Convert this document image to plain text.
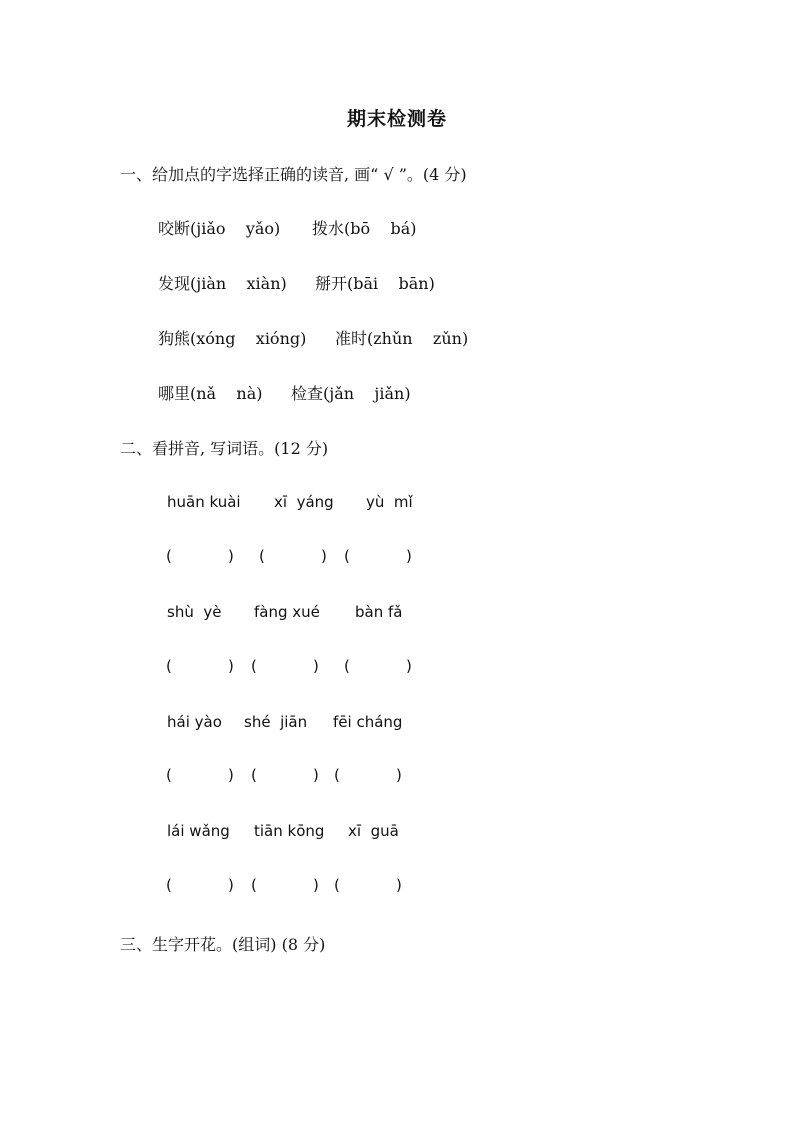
期末检测卷
一、给加点的字选择正确的读音, 画“ √ ”。(4 分)
咬断(jiǎo    yǎo) 拨水(bō    bá)
发现(jiàn    xiàn) 掰开(bāi    bān)
狗熊(xóng    xióng) 准时(zhǔn    zǔn)
哪里(nǎ    nà) 检查(jǎn    jiǎn)
二、看拼音, 写词语。(12 分)
huān kuài xī  yáng yù  mǐ
(	) (	) (	)
shù  yè fàng xué bàn fǎ
(	) (	) (	)
hái yào shé  jiān fēi cháng
(	) (	) (	)
lái wǎng tiān kōng xī  guā
(	) (	) (	)
三、生字开花。(组词) (8 分)
